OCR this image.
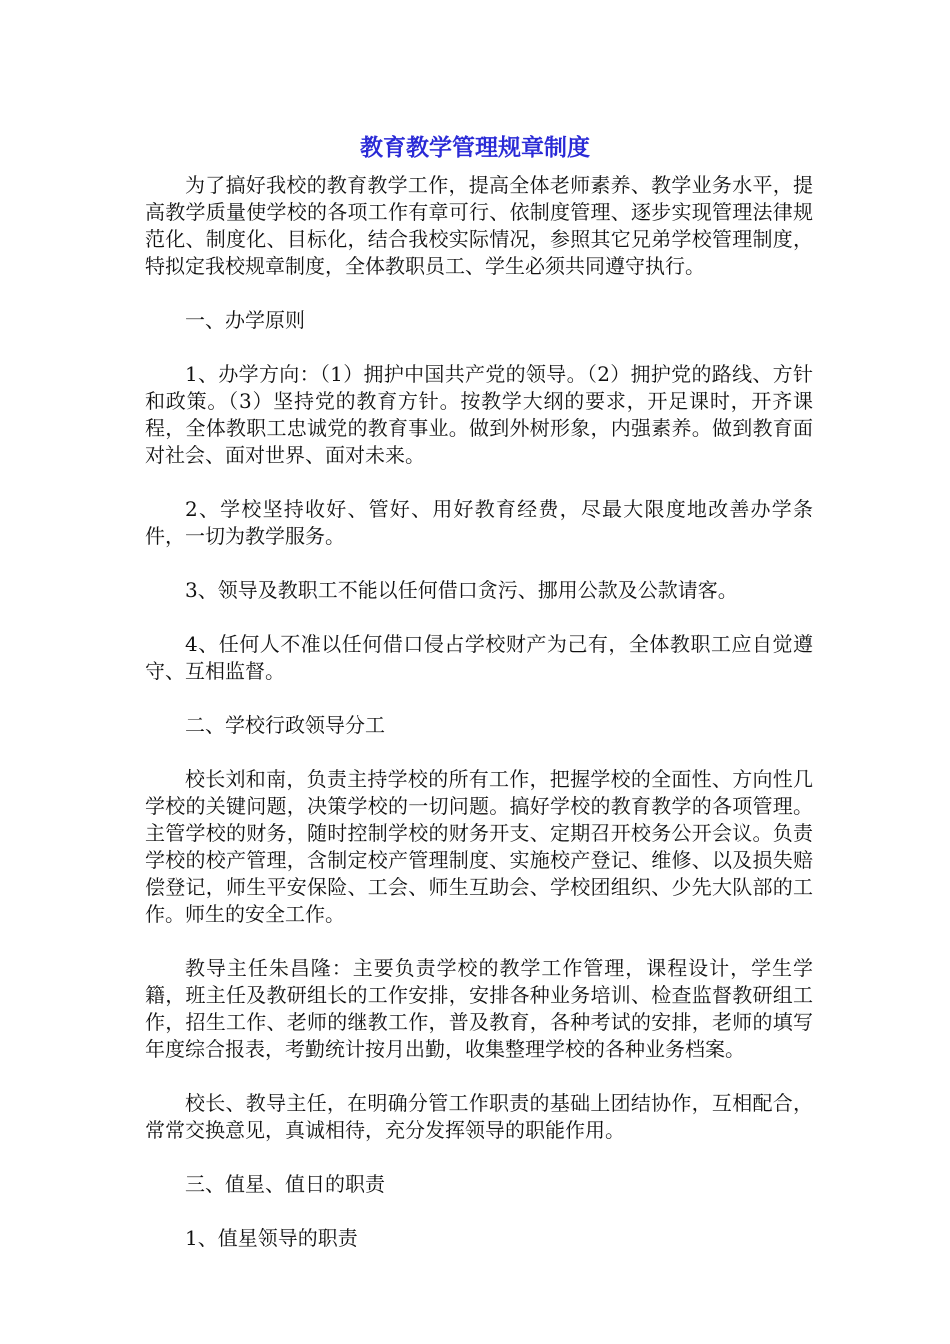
教育教学管理规章制度

为了搞好我校的教育教学工作，提高全体老师素养、教学业务水平，提高教学质量使学校的各项工作有章可行、依制度管理、逐步实现管理法律规范化、制度化、目标化，结合我校实际情况，参照其它兄弟学校管理制度，特拟定我校规章制度，全体教职员工、学生必须共同遵守执行。

一、办学原则

1、办学方向：（1）拥护中国共产党的领导。（2）拥护党的路线、方针和政策。（3）坚持党的教育方针。按教学大纲的要求，开足课时，开齐课程，全体教职工忠诚党的教育事业。做到外树形象，内强素养。做到教育面对社会、面对世界、面对未来。

2、学校坚持收好、管好、用好教育经费，尽最大限度地改善办学条件，一切为教学服务。

3、领导及教职工不能以任何借口贪污、挪用公款及公款请客。

4、任何人不准以任何借口侵占学校财产为己有，全体教职工应自觉遵守、互相监督。

二、学校行政领导分工

校长刘和南，负责主持学校的所有工作，把握学校的全面性、方向性几学校的关键问题，决策学校的一切问题。搞好学校的教育教学的各项管理。主管学校的财务，随时控制学校的财务开支、定期召开校务公开会议。负责学校的校产管理，含制定校产管理制度、实施校产登记、维修、以及损失赔偿登记，师生平安保险、工会、师生互助会、学校团组织、少先大队部的工作。师生的安全工作。

教导主任朱昌隆：主要负责学校的教学工作管理，课程设计，学生学籍，班主任及教研组长的工作安排，安排各种业务培训、检查监督教研组工作，招生工作、老师的继教工作，普及教育，各种考试的安排，老师的填写年度综合报表，考勤统计按月出勤，收集整理学校的各种业务档案。

校长、教导主任，在明确分管工作职责的基础上团结协作，互相配合，常常交换意见，真诚相待，充分发挥领导的职能作用。

三、值星、值日的职责

1、值星领导的职责
